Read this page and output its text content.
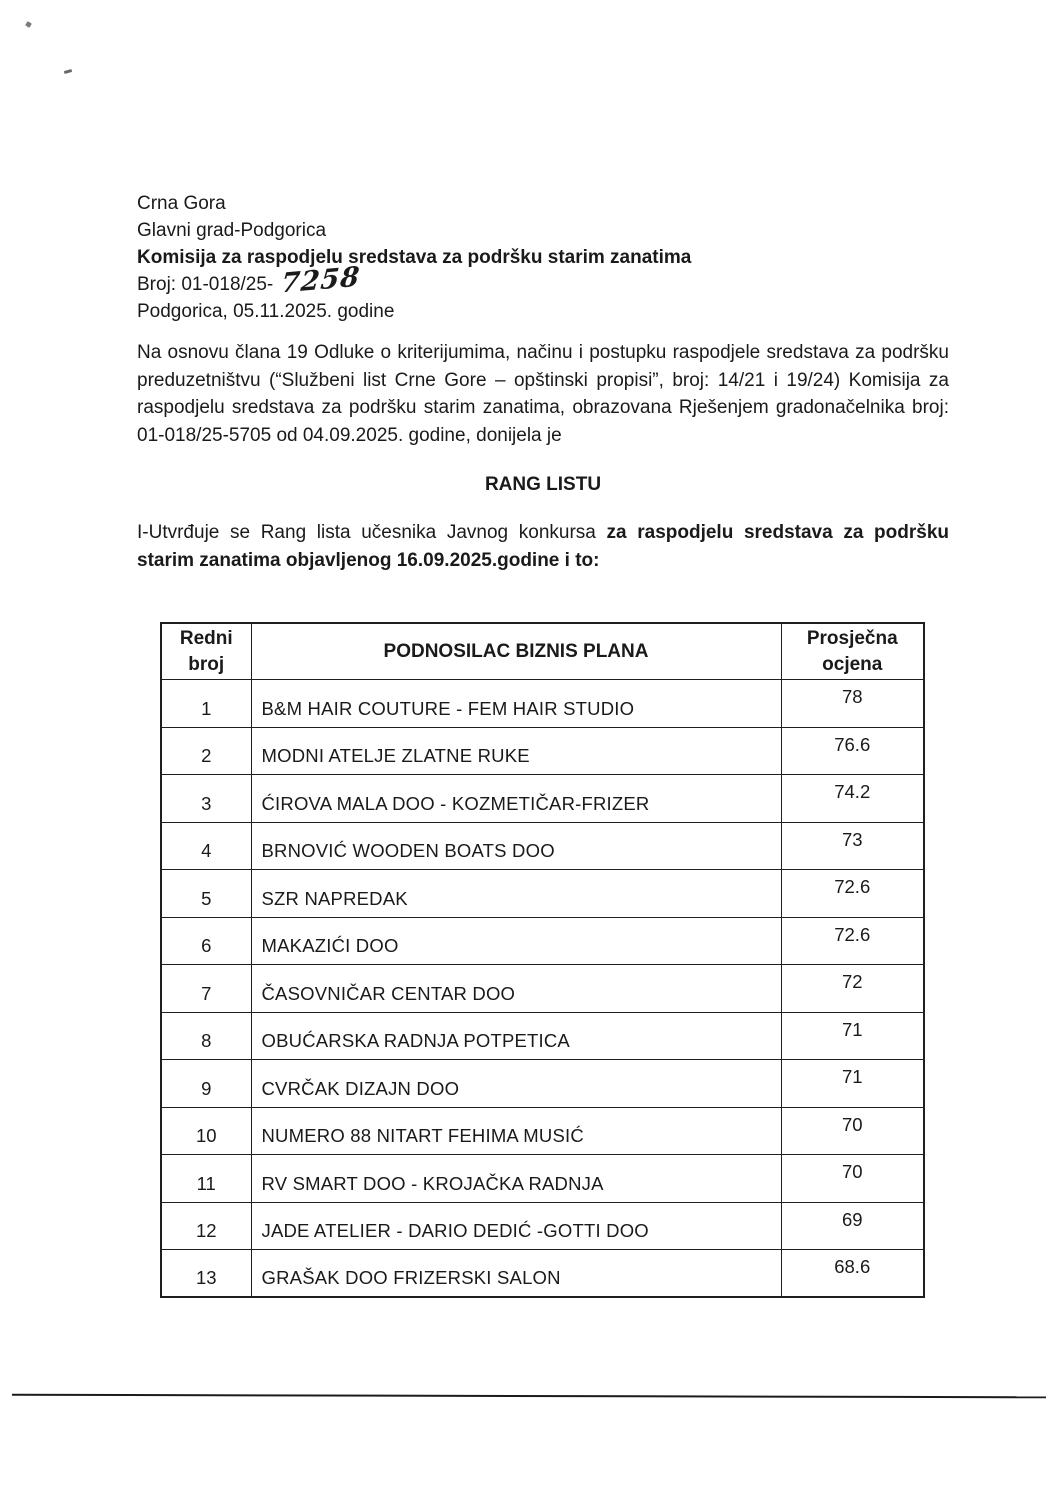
Crna Gora
Glavni grad-Podgorica
Komisija za raspodjelu sredstava za podršku starim zanatima
Broj: 01-018/25- 7258
Podgorica, 05.11.2025. godine

Na osnovu člana 19 Odluke o kriterijumima, načinu i postupku raspodjele sredstava za podršku preduzetništvu (“Službeni list Crne Gore – opštinski propisi”, broj: 14/21 i 19/24) Komisija za raspodjelu sredstava za podršku starim zanatima, obrazovana Rješenjem gradonačelnika broj: 01-018/25-5705 od 04.09.2025. godine, donijela je

RANG LISTU

I-Utvrđuje se Rang lista učesnika Javnog konkursa za raspodjelu sredstava za podršku starim zanatima objavljenog 16.09.2025.godine i to:

Redni broj	PODNOSILAC BIZNIS PLANA	Prosječna ocjena
1	B&M HAIR COUTURE - FEM HAIR STUDIO	78
2	MODNI ATELJE ZLATNE RUKE	76.6
3	ĆIROVA MALA DOO - KOZMETIČAR-FRIZER	74.2
4	BRNOVIĆ WOODEN BOATS DOO	73
5	SZR NAPREDAK	72.6
6	MAKAZIĆI DOO	72.6
7	ČASOVNIČAR CENTAR DOO	72
8	OBUĆARSKA RADNJA POTPETICA	71
9	CVRČAK DIZAJN DOO	71
10	NUMERO 88 NITART FEHIMA MUSIĆ	70
11	RV SMART DOO - KROJAČKA RADNJA	70
12	JADE ATELIER - DARIO DEDIĆ -GOTTI DOO	69
13	GRAŠAK DOO FRIZERSKI SALON	68.6
